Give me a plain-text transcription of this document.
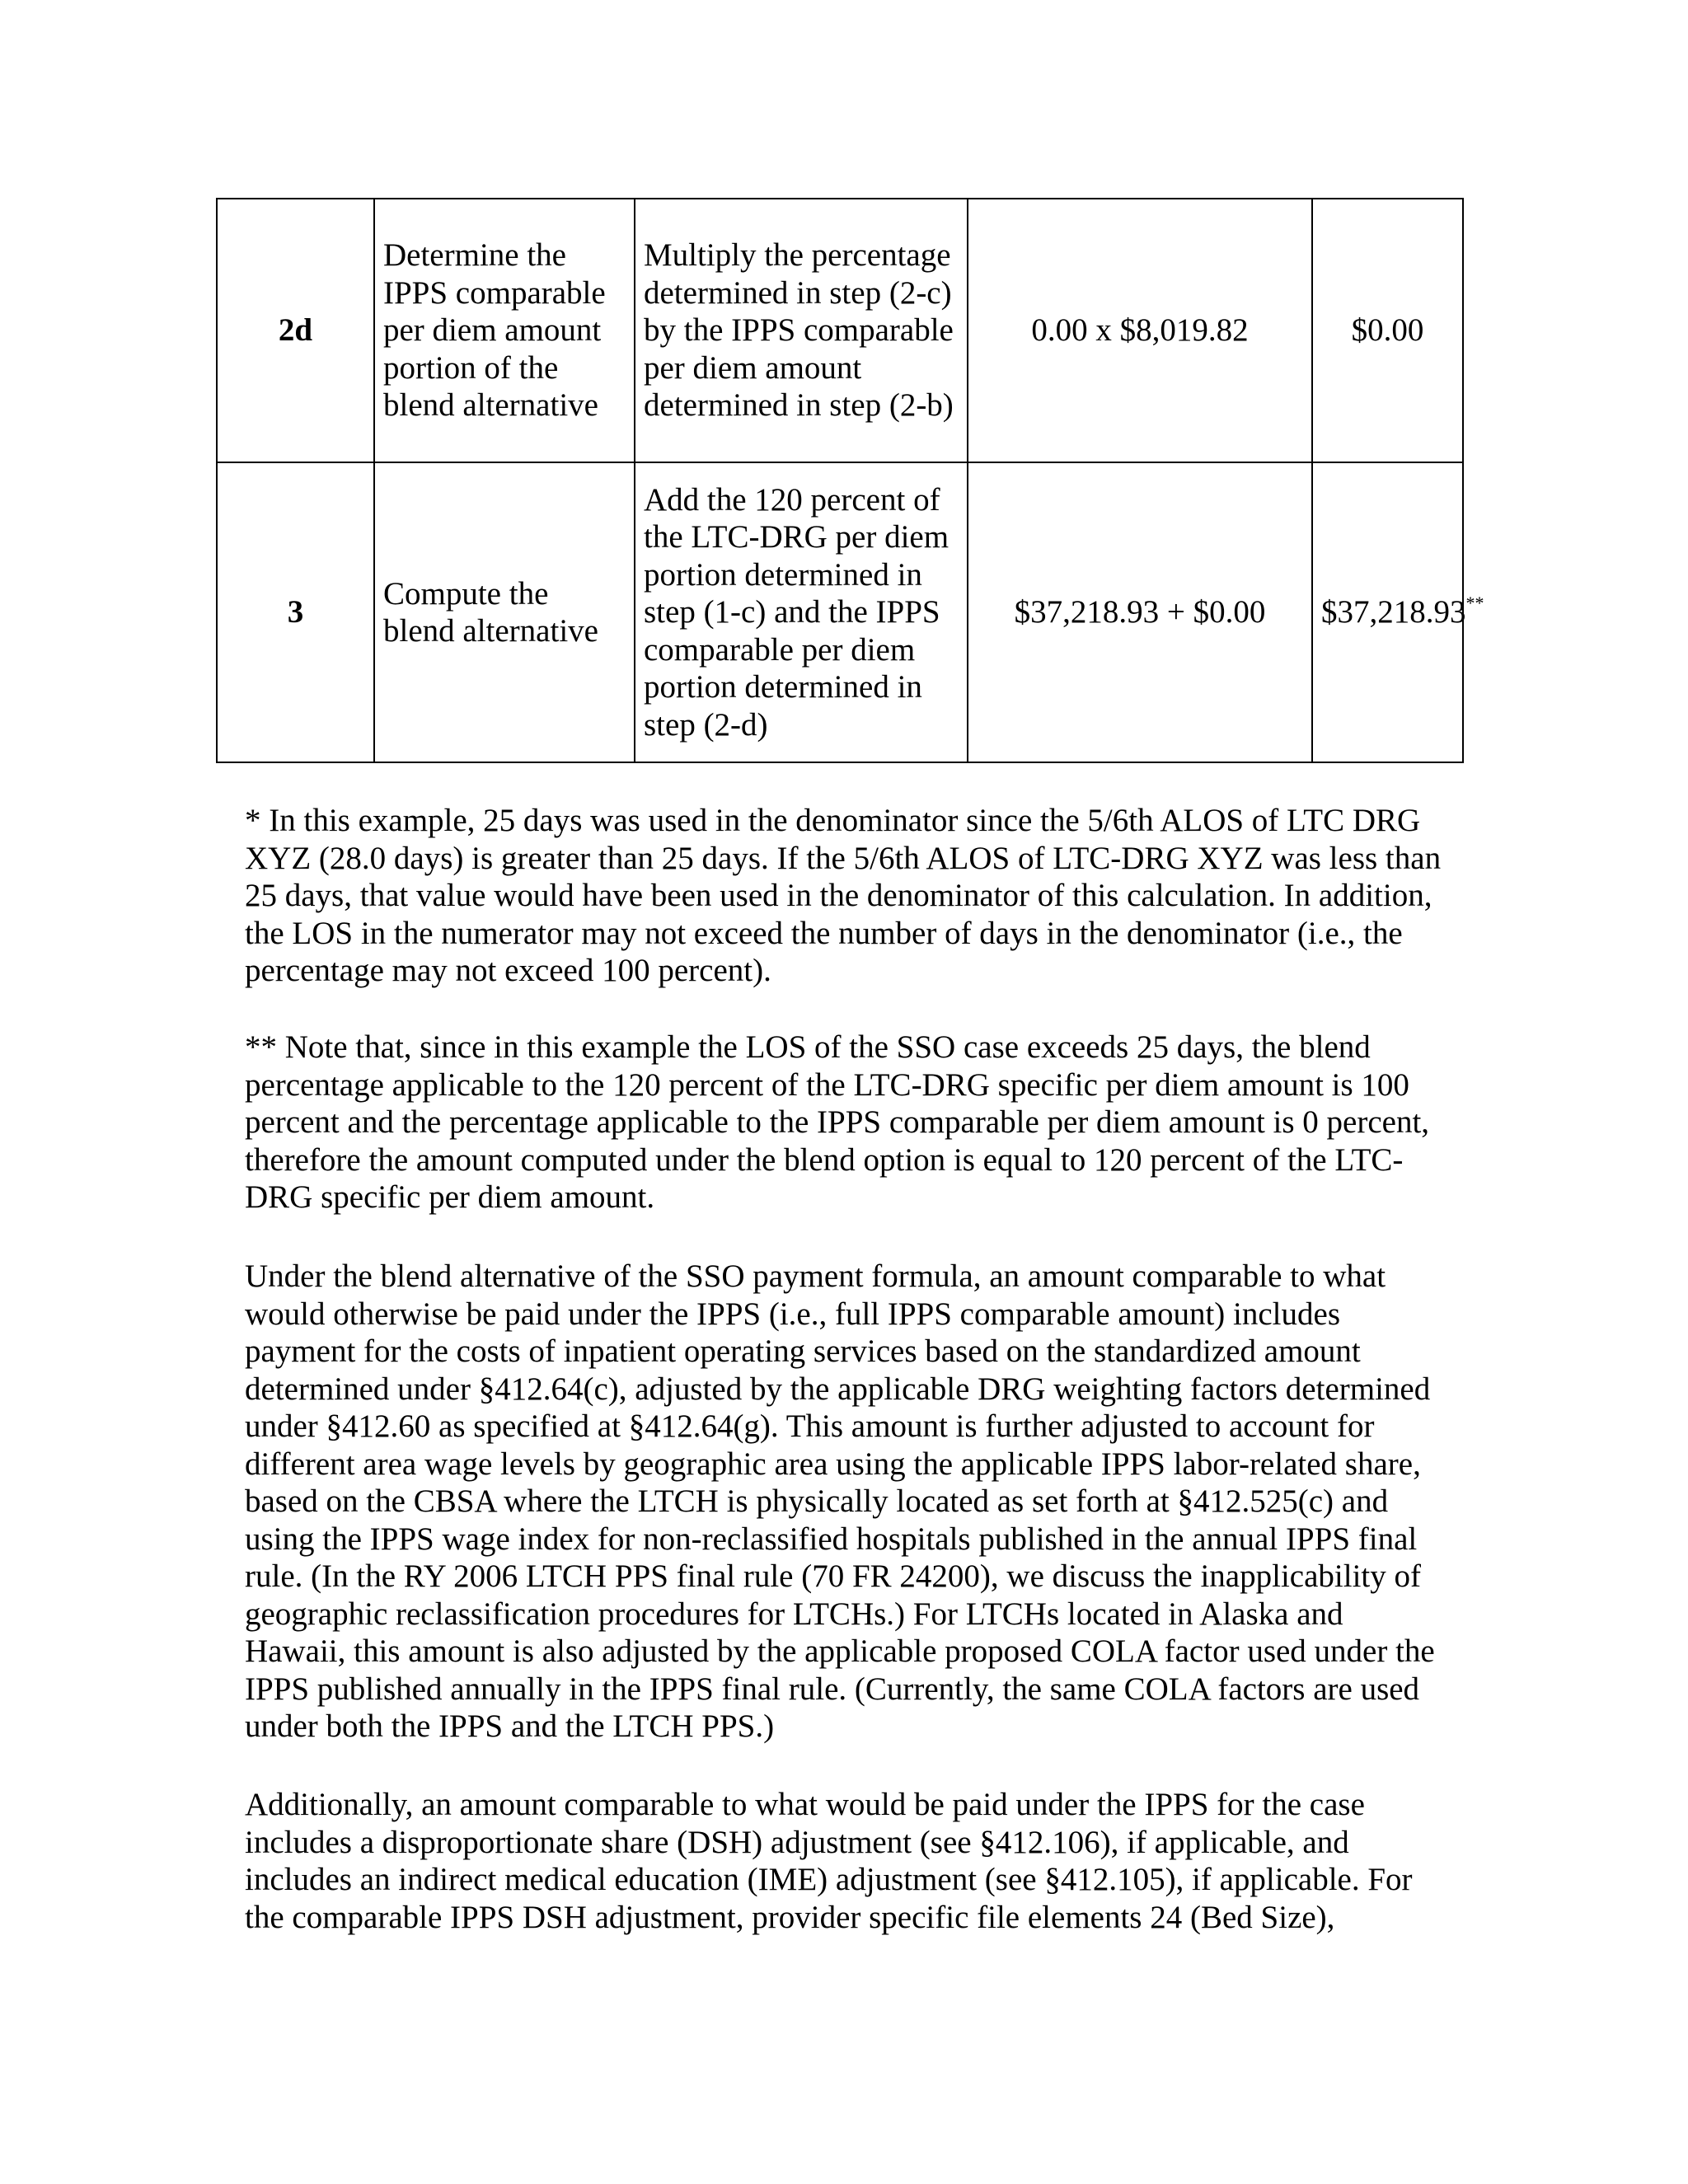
2d	Determine the IPPS comparable per diem amount portion of the blend alternative	Multiply the percentage determined in step (2-c) by the IPPS comparable per diem amount determined in step (2-b)	0.00 x $8,019.82	$0.00
3	Compute the blend alternative	Add the 120 percent of the LTC-DRG per diem portion determined in step (1-c) and the IPPS comparable per diem portion determined in step (2-d)	$37,218.93 + $0.00	$37,218.93**

* In this example, 25 days was used in the denominator since the 5/6th ALOS of LTC DRG XYZ (28.0 days) is greater than 25 days. If the 5/6th ALOS of LTC-DRG XYZ was less than 25 days, that value would have been used in the denominator of this calculation. In addition, the LOS in the numerator may not exceed the number of days in the denominator (i.e., the percentage may not exceed 100 percent).

** Note that, since in this example the LOS of the SSO case exceeds 25 days, the blend percentage applicable to the 120 percent of the LTC-DRG specific per diem amount is 100 percent and the percentage applicable to the IPPS comparable per diem amount is 0 percent, therefore the amount computed under the blend option is equal to 120 percent of the LTC-DRG specific per diem amount.

Under the blend alternative of the SSO payment formula, an amount comparable to what would otherwise be paid under the IPPS (i.e., full IPPS comparable amount) includes payment for the costs of inpatient operating services based on the standardized amount determined under §412.64(c), adjusted by the applicable DRG weighting factors determined under §412.60 as specified at §412.64(g). This amount is further adjusted to account for different area wage levels by geographic area using the applicable IPPS labor-related share, based on the CBSA where the LTCH is physically located as set forth at §412.525(c) and using the IPPS wage index for non-reclassified hospitals published in the annual IPPS final rule. (In the RY 2006 LTCH PPS final rule (70 FR 24200), we discuss the inapplicability of geographic reclassification procedures for LTCHs.) For LTCHs located in Alaska and Hawaii, this amount is also adjusted by the applicable proposed COLA factor used under the IPPS published annually in the IPPS final rule. (Currently, the same COLA factors are used under both the IPPS and the LTCH PPS.)

Additionally, an amount comparable to what would be paid under the IPPS for the case includes a disproportionate share (DSH) adjustment (see §412.106), if applicable, and includes an indirect medical education (IME) adjustment (see §412.105), if applicable. For the comparable IPPS DSH adjustment, provider specific file elements 24 (Bed Size),
